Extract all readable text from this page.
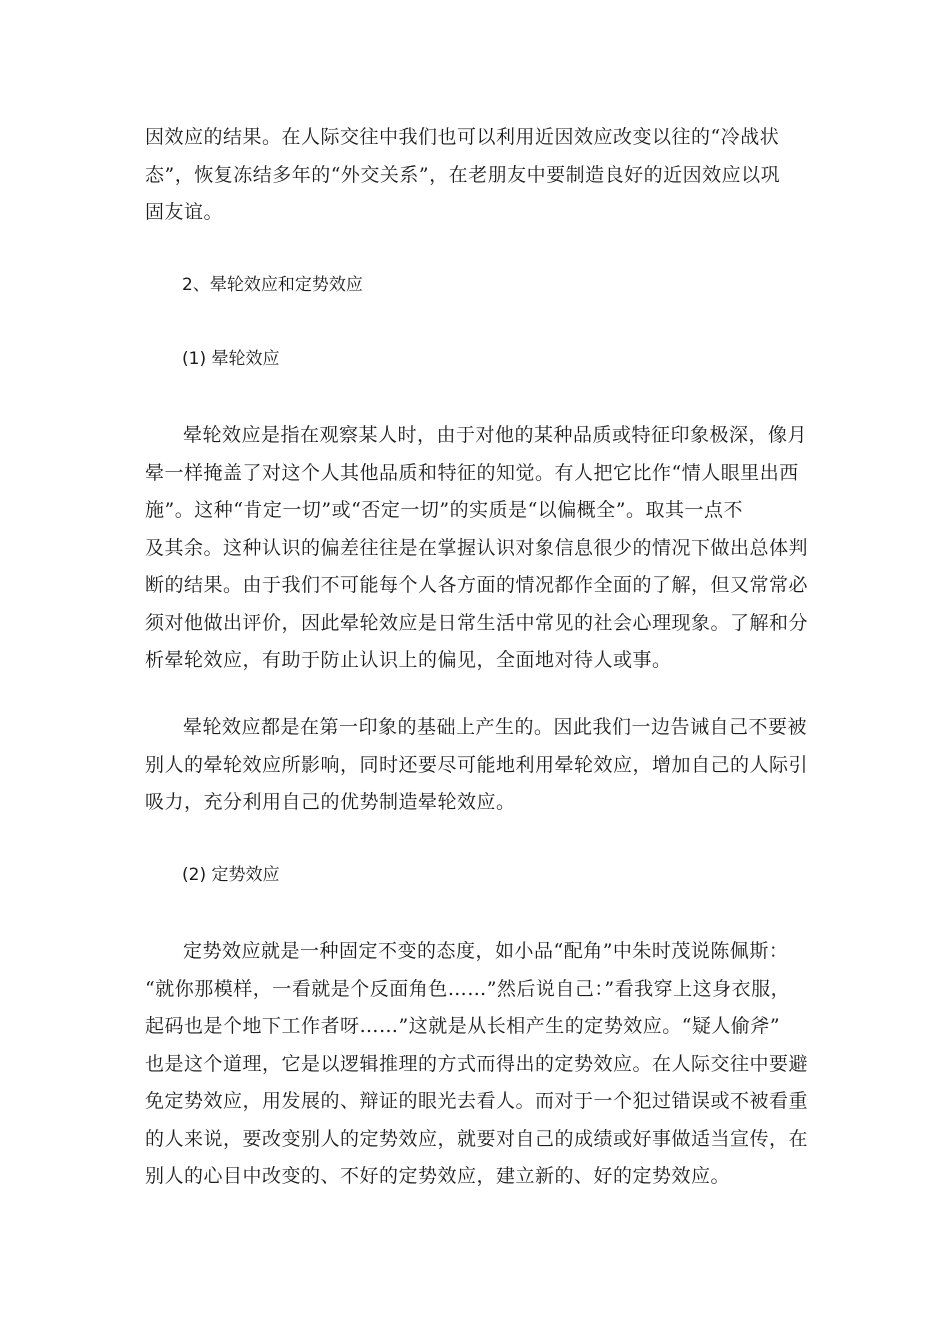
因效应的结果。在人际交往中我们也可以利用近因效应改变以往的“冷战状
态”，恢复冻结多年的“外交关系”，在老朋友中要制造良好的近因效应以巩
固友谊。
2、晕轮效应和定势效应
(1) 晕轮效应
晕轮效应是指在观察某人时，由于对他的某种品质或特征印象极深，像月
晕一样掩盖了对这个人其他品质和特征的知觉。有人把它比作“情人眼里出西
施”。这种“肯定一切”或“否定一切”的实质是“以偏概全”。取其一点不
及其余。这种认识的偏差往往是在掌握认识对象信息很少的情况下做出总体判
断的结果。由于我们不可能每个人各方面的情况都作全面的了解，但又常常必
须对他做出评价，因此晕轮效应是日常生活中常见的社会心理现象。了解和分
析晕轮效应，有助于防止认识上的偏见，全面地对待人或事。
晕轮效应都是在第一印象的基础上产生的。因此我们一边告诫自己不要被
别人的晕轮效应所影响，同时还要尽可能地利用晕轮效应，增加自己的人际引
吸力，充分利用自己的优势制造晕轮效应。
(2) 定势效应
定势效应就是一种固定不变的态度，如小品“配角”中朱时茂说陈佩斯：
“就你那模样，一看就是个反面角色……”然后说自己：”看我穿上这身衣服，
起码也是个地下工作者呀……”这就是从长相产生的定势效应。“疑人偷斧”
也是这个道理，它是以逻辑推理的方式而得出的定势效应。在人际交往中要避
免定势效应，用发展的、辩证的眼光去看人。而对于一个犯过错误或不被看重
的人来说，要改变别人的定势效应，就要对自己的成绩或好事做适当宣传，在
别人的心目中改变的、不好的定势效应，建立新的、好的定势效应。
